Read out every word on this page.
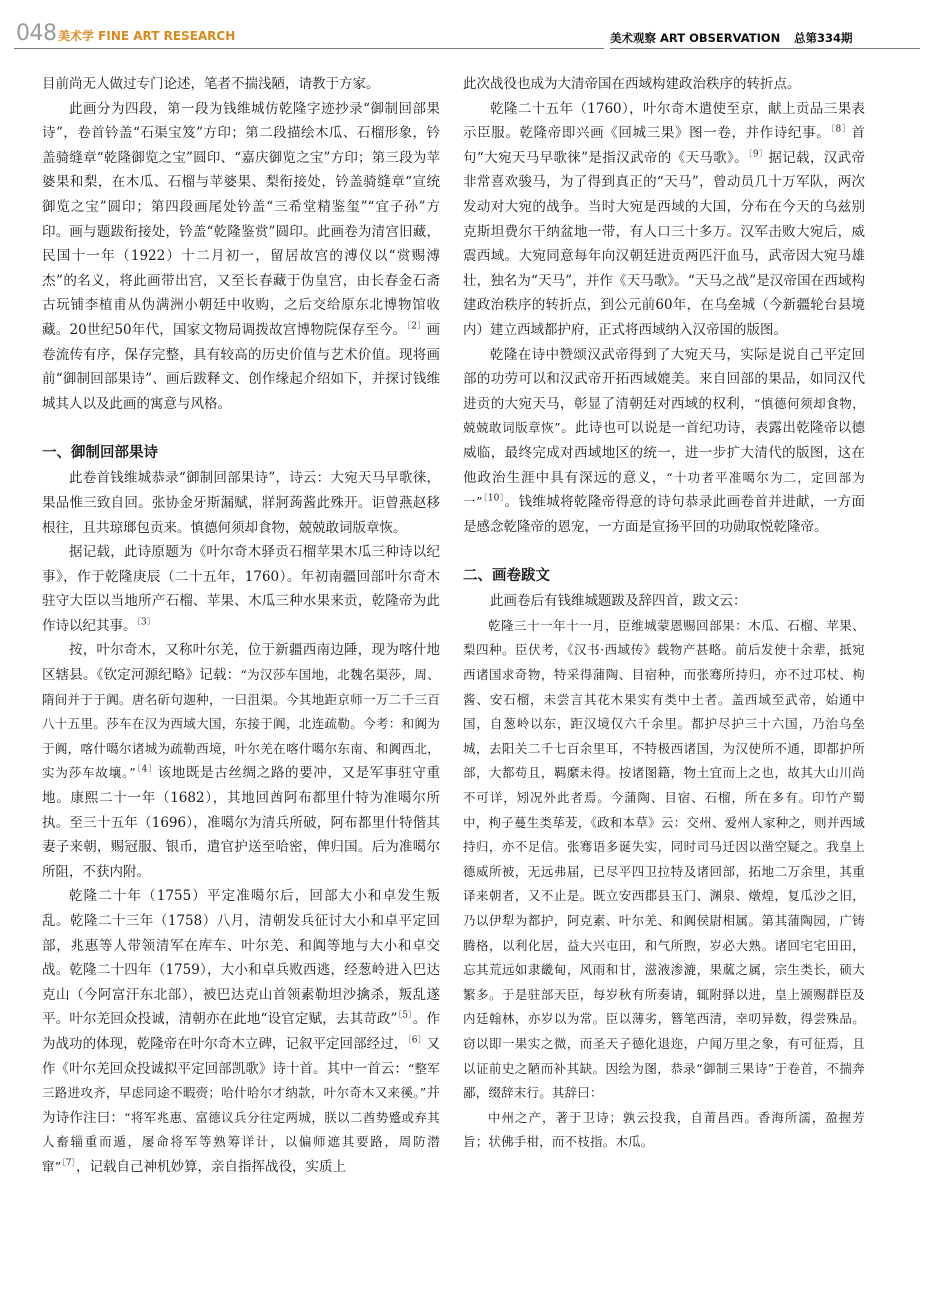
048 美术学 FINE ART RESEARCH	美术观察 ART OBSERVATION 总第334期

目前尚无人做过专门论述，笔者不揣浅陋，请教于方家。

此画分为四段，第一段为钱维城仿乾隆字迹抄录“御制回部果诗”，卷首钤盖“石渠宝笈”方印；第二段描绘木瓜、石榴形象，钤盖骑缝章“乾隆御览之宝”圆印、“嘉庆御览之宝”方印；第三段为苹婆果和梨，在木瓜、石榴与苹婆果、梨衔接处，钤盖骑缝章“宣统御览之宝”圆印；第四段画尾处钤盖“三希堂精鉴玺”“宜子孙”方印。画与题跋衔接处，钤盖“乾隆鉴赏”圆印。此画卷为清宫旧藏，民国十一年（1922）十二月初一，留居故宫的溥仪以“赏赐溥杰”的名义，将此画带出宫，又至长春藏于伪皇宫，由长春金石斋古玩铺李植甫从伪满洲小朝廷中收购，之后交给原东北博物馆收藏。20世纪50年代，国家文物局调拨故宫博物院保存至今。$^{〔2〕}$画卷流传有序，保存完整，具有较高的历史价值与艺术价值。现将画前“御制回部果诗”、画后跋释文、创作缘起介绍如下，并探讨钱维城其人以及此画的寓意与风格。

一、御制回部果诗

此卷首钱维城恭录“御制回部果诗”，诗云：大宛天马早歌徕，果品惟三致自回。张协金牙斯漏赋，牂牁蒟酱此殊开。讵曾燕赵移根往，且共琼瑯包贡来。慎德何须却食物，兢兢敢词版章恢。

据记载，此诗原题为《叶尔奇木驿贡石榴苹果木瓜三种诗以纪事》，作于乾隆庚辰（二十五年，1760）。年初南疆回部叶尔奇木驻守大臣以当地所产石榴、苹果、木瓜三种水果来贡，乾隆帝为此作诗以纪其事。$^{〔3〕}$

按，叶尔奇木，又称叶尔羌，位于新疆西南边陲，现为喀什地区辖县。《钦定河源纪略》记载：“为汉莎车国地，北魏名渠莎，周、隋间并于于阗。唐名斫句迦种，一曰沮渠。今其地距京师一万二千三百八十五里。莎车在汉为西域大国，东接于阗，北连疏勒。今考：和阗为于阗，喀什噶尔诸城为疏勒西境，叶尔羌在喀什噶尔东南、和阗西北，实为莎车故壤。”$^{〔4〕}$该地既是古丝绸之路的要冲，又是军事驻守重地。康熙二十一年（1682），其地回酋阿布都里什特为准噶尔所执。至三十五年（1696），准噶尔为清兵所破，阿布都里什特偕其妻子来朝，赐冠服、银币，遣官护送至哈密，俾归国。后为准噶尔所阻，不获内附。

乾隆二十年（1755）平定准噶尔后，回部大小和卓发生叛乱。乾隆二十三年（1758）八月，清朝发兵征讨大小和卓平定回部，兆惠等人带领清军在库车、叶尔羌、和阗等地与大小和卓交战。乾隆二十四年（1759），大小和卓兵败西逃，经葱岭进入巴达克山（今阿富汗东北部），被巴达克山首领素勒坦沙擒杀，叛乱遂平。叶尔羌回众投诚，清朝亦在此地“设官定赋，去其苛政”$^{〔5〕}$。作为战功的体现，乾隆帝在叶尔奇木立碑，记叙平定回部经过，$^{〔6〕}$又作《叶尔羌回众投诚拟平定回部凯歌》诗十首。其中一首云：“整军三路进攻齐，早虑同途不暇赍；哈什哈尔才纳款，叶尔奇木又来徯。”并为诗作注曰：“将军兆惠、富德议兵分往定两城，朕以二酋势蹙或弃其人畜辎重而遁，屡命将军等熟筹详计，以偏师遮其要路，周防潜窜”$^{〔7〕}$，记载自己神机妙算，亲自指挥战役，实质上

此次战役也成为大清帝国在西域构建政治秩序的转折点。

乾隆二十五年（1760），叶尔奇木遣使至京，献上贡品三果表示臣服。乾隆帝即兴画《回城三果》图一卷，并作诗纪事。$^{〔8〕}$首句“大宛天马早歌徕”是指汉武帝的《天马歌》。$^{〔9〕}$据记载，汉武帝非常喜欢骏马，为了得到真正的“天马”，曾动员几十万军队，两次发动对大宛的战争。当时大宛是西域的大国，分布在今天的乌兹别克斯坦费尔干纳盆地一带，有人口三十多万。汉军击败大宛后，威震西域。大宛同意每年向汉朝廷进贡两匹汗血马，武帝因大宛马雄壮，独名为“天马”，并作《天马歌》。“天马之战”是汉帝国在西域构建政治秩序的转折点，到公元前60年，在乌垒城（今新疆轮台县境内）建立西域都护府，正式将西域纳入汉帝国的版图。

乾隆在诗中赞颂汉武帝得到了大宛天马，实际是说自己平定回部的功劳可以和汉武帝开拓西域媲美。来自回部的果品，如同汉代进贡的大宛天马，彰显了清朝廷对西域的权利，“慎德何须却食物，兢兢敢词版章恢”。此诗也可以说是一首纪功诗，表露出乾隆帝以德威临，最终完成对西域地区的统一，进一步扩大清代的版图，这在他政治生涯中具有深远的意义，“十功者平准噶尔为二，定回部为一”$^{〔10〕}$。钱维城将乾隆帝得意的诗句恭录此画卷首并进献，一方面是感念乾隆帝的恩宠，一方面是宣扬平回的功勋取悦乾隆帝。

二、画卷跋文

此画卷后有钱维城题跋及辞四首，跋文云：

乾隆三十一年十一月，臣维城蒙恩赐回部果：木瓜、石榴、苹果、梨四种。臣伏考，《汉书·西域传》载物产甚略。前后发使十余辈，抵宛西诸国求奇物，特采得蒲陶、目宿种，而张骞所持归，亦不过邛杖、枸酱、安石榴，未尝言其花木果实有类中土者。盖西域至武帝，始通中国，自葱岭以东，距汉境仅六千余里。都护尽护三十六国，乃治乌垒城，去阳关二千七百余里耳，不特极西诸国，为汉使所不通，即都护所部，大都苟且，羁縻未得。按诸图籍，物土宜而上之也，故其大山川尚不可详，矧况外此者焉。今蒲陶、目宿、石榴，所在多有。印竹产蜀中，枸子蔓生类荜茇，《政和本草》云：交州、爱州人家种之，则并西域持归，亦不足信。张骞语多诞失实，同时司马迁因以凿空疑之。我皇上德威所被，无远弗届，已尽平四卫拉特及诸回部，拓地二万余里，其重译来朝者，又不止是。既立安西郡县玉门、渊泉、燉煌，复瓜沙之旧，乃以伊犁为都护，阿克素、叶尔羌、和阗侯尉相属。第其蒲陶园，广铸腾格，以利化居，益大兴屯田，和气所煦，岁必大熟。诸回宅宅田田，忘其荒远如隶畿甸，风雨和甘，滋液渗漉，果蓏之属，宗生类长，硕大繁多。于是驻部天臣，每岁秋有所奏请，辄附驿以进，皇上颁赐群臣及内廷翰林，亦岁以为常。臣以薄劣，簪笔西清，幸叨异数，得尝殊品。窃以即一果实之微，而圣天子德化退迩，户闻万里之象，有可征焉，且以证前史之陋而补其缺。因绘为图，恭录“御制三果诗”于卷首，不揣奔鄙，缀辞末行。其辞曰：

中州之产，著于卫诗；孰云投我，自莆昌西。香海所濡，盈握芳旨；状佛手柑，而不枝指。木瓜。
